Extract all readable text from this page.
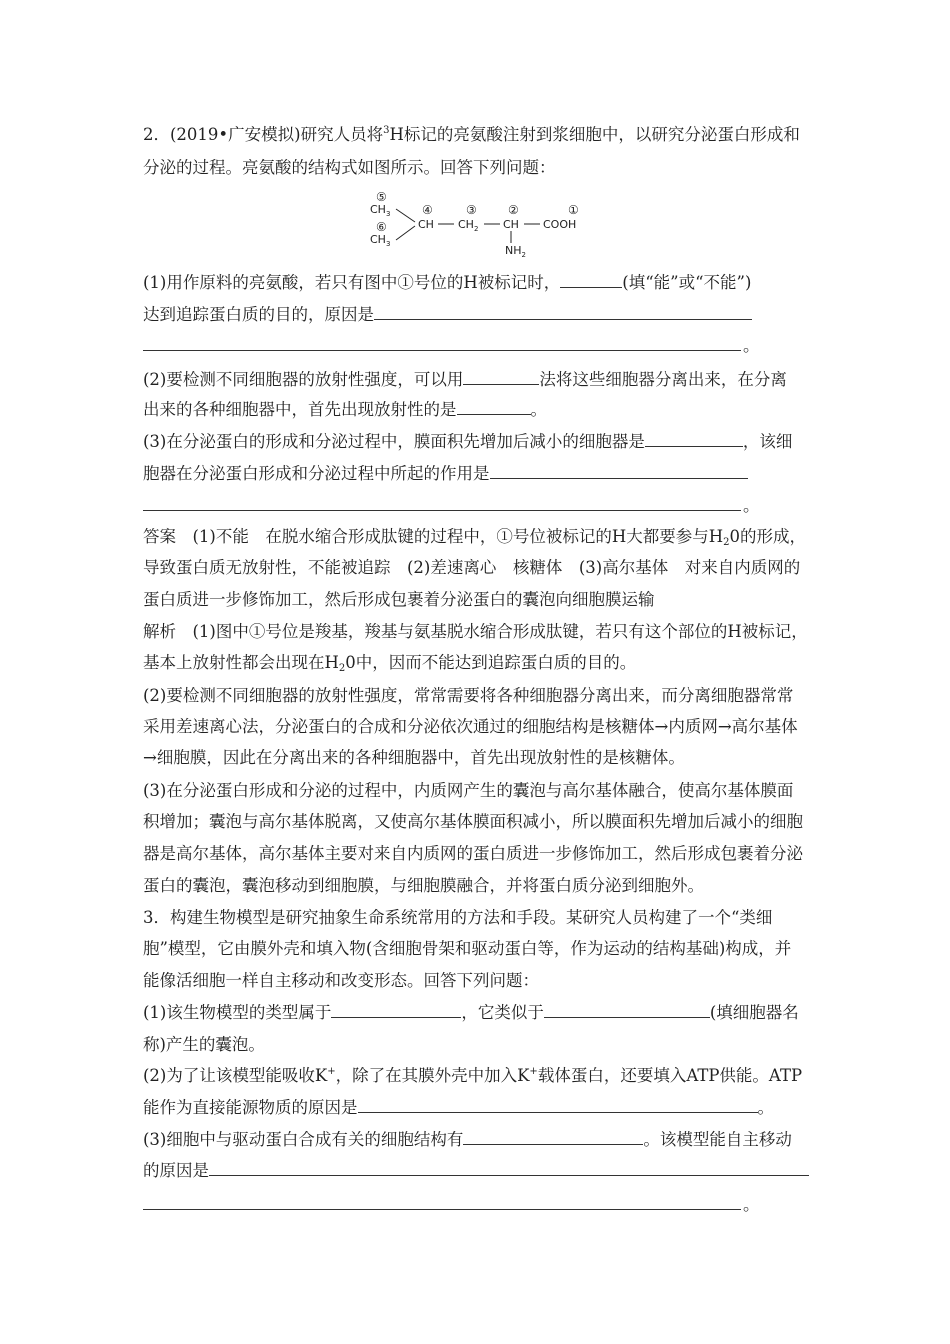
2．(2019•广安模拟)研究人员将$^3$H标记的亮氨酸注射到浆细胞中，以研究分泌蛋白形成和
分泌的过程。亮氨酸的结构式如图所示。回答下列问题：
⑤
$CH_3$
⑥
$CH_3$
④
CH
③
$CH_2$
②
CH
①
COOH
$NH_2$
(1)用作原料的亮氨酸，若只有图中①号位的H被标记时，	(填“能”或“不能”)
达到追踪蛋白质的目的，原因是
。
(2)要检测不同细胞器的放射性强度，可以用	法将这些细胞器分离出来，在分离
出来的各种细胞器中，首先出现放射性的是	。
(3)在分泌蛋白的形成和分泌过程中，膜面积先增加后减小的细胞器是	，该细
胞器在分泌蛋白形成和分泌过程中所起的作用是
。
答案　(1)不能　在脱水缩合形成肽键的过程中，①号位被标记的H大都要参与$H_20$的形成，
导致蛋白质无放射性，不能被追踪　(2)差速离心　核糖体　(3)高尔基体　对来自内质网的
蛋白质进一步修饰加工，然后形成包裹着分泌蛋白的囊泡向细胞膜运输
解析　(1)图中①号位是羧基，羧基与氨基脱水缩合形成肽键，若只有这个部位的H被标记，
基本上放射性都会出现在$H_20$中，因而不能达到追踪蛋白质的目的。
(2)要检测不同细胞器的放射性强度，常常需要将各种细胞器分离出来，而分离细胞器常常
采用差速离心法，分泌蛋白的合成和分泌依次通过的细胞结构是核糖体→内质网→高尔基体
→细胞膜，因此在分离出来的各种细胞器中，首先出现放射性的是核糖体。
(3)在分泌蛋白形成和分泌的过程中，内质网产生的囊泡与高尔基体融合，使高尔基体膜面
积增加；囊泡与高尔基体脱离，又使高尔基体膜面积减小，所以膜面积先增加后减小的细胞
器是高尔基体，高尔基体主要对来自内质网的蛋白质进一步修饰加工，然后形成包裹着分泌
蛋白的囊泡，囊泡移动到细胞膜，与细胞膜融合，并将蛋白质分泌到细胞外。
3．构建生物模型是研究抽象生命系统常用的方法和手段。某研究人员构建了一个“类细
胞”模型，它由膜外壳和填入物(含细胞骨架和驱动蛋白等，作为运动的结构基础)构成，并
能像活细胞一样自主移动和改变形态。回答下列问题：
(1)该生物模型的类型属于	，它类似于	(填细胞器名
称)产生的囊泡。
(2)为了让该模型能吸收K+，除了在其膜外壳中加入K+载体蛋白，还要填入ATP供能。ATP
能作为直接能源物质的原因是	。
(3)细胞中与驱动蛋白合成有关的细胞结构有	。该模型能自主移动
的原因是
。
